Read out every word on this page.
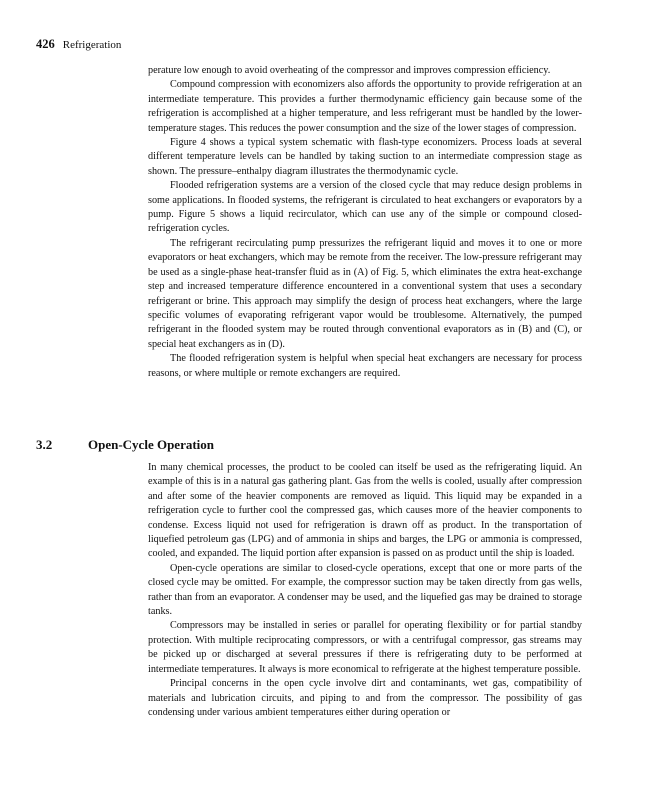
426 Refrigeration

perature low enough to avoid overheating of the compressor and improves compression efficiency.

Compound compression with economizers also affords the opportunity to provide refrigeration at an intermediate temperature. This provides a further thermodynamic efficiency gain because some of the refrigeration is accomplished at a higher temperature, and less refrigerant must be handled by the lower-temperature stages. This reduces the power consumption and the size of the lower stages of compression.

Figure 4 shows a typical system schematic with flash-type economizers. Process loads at several different temperature levels can be handled by taking suction to an intermediate compression stage as shown. The pressure–enthalpy diagram illustrates the thermodynamic cycle.

Flooded refrigeration systems are a version of the closed cycle that may reduce design problems in some applications. In flooded systems, the refrigerant is circulated to heat exchangers or evaporators by a pump. Figure 5 shows a liquid recirculator, which can use any of the simple or compound closed-refrigeration cycles.

The refrigerant recirculating pump pressurizes the refrigerant liquid and moves it to one or more evaporators or heat exchangers, which may be remote from the receiver. The low-pressure refrigerant may be used as a single-phase heat-transfer fluid as in (A) of Fig. 5, which eliminates the extra heat-exchange step and increased temperature difference encountered in a conventional system that uses a secondary refrigerant or brine. This approach may simplify the design of process heat exchangers, where the large specific volumes of evaporating refrigerant vapor would be troublesome. Alternatively, the pumped refrigerant in the flooded system may be routed through conventional evaporators as in (B) and (C), or special heat exchangers as in (D).

The flooded refrigeration system is helpful when special heat exchangers are necessary for process reasons, or where multiple or remote exchangers are required.

3.2	Open-Cycle Operation

In many chemical processes, the product to be cooled can itself be used as the refrigerating liquid. An example of this is in a natural gas gathering plant. Gas from the wells is cooled, usually after compression and after some of the heavier components are removed as liquid. This liquid may be expanded in a refrigeration cycle to further cool the compressed gas, which causes more of the heavier components to condense. Excess liquid not used for refrigeration is drawn off as product. In the transportation of liquefied petroleum gas (LPG) and of ammonia in ships and barges, the LPG or ammonia is compressed, cooled, and expanded. The liquid portion after expansion is passed on as product until the ship is loaded.

Open-cycle operations are similar to closed-cycle operations, except that one or more parts of the closed cycle may be omitted. For example, the compressor suction may be taken directly from gas wells, rather than from an evaporator. A condenser may be used, and the liquefied gas may be drained to storage tanks.

Compressors may be installed in series or parallel for operating flexibility or for partial standby protection. With multiple reciprocating compressors, or with a centrifugal compressor, gas streams may be picked up or discharged at several pressures if there is refrigerating duty to be performed at intermediate temperatures. It always is more economical to refrigerate at the highest temperature possible.

Principal concerns in the open cycle involve dirt and contaminants, wet gas, compatibility of materials and lubrication circuits, and piping to and from the compressor. The possibility of gas condensing under various ambient temperatures either during operation or
